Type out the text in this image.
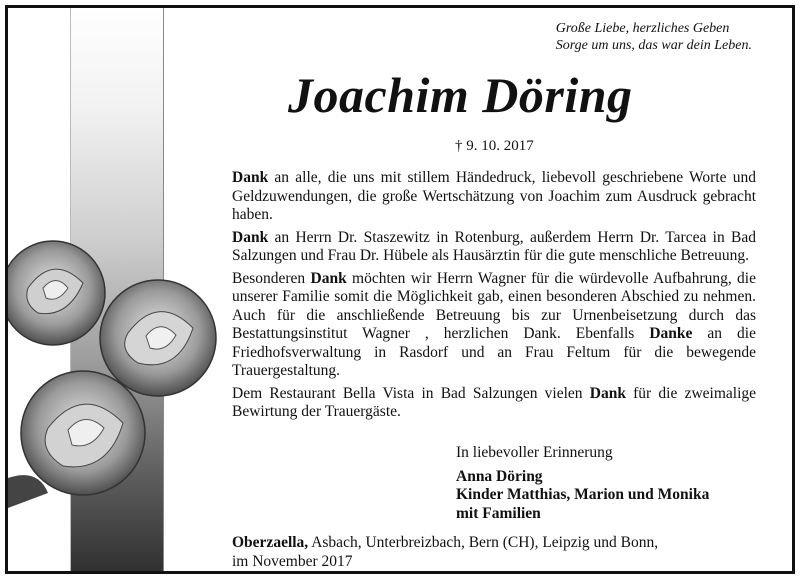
Große Liebe, herzliches Geben
Sorge um uns, das war dein Leben.
Joachim Döring
† 9. 10. 2017

Dank an alle, die uns mit stillem Händedruck, liebevoll geschriebene Worte und Geldzuwendungen, die große Wertschätzung von Joachim zum Ausdruck gebracht haben.

Dank an Herrn Dr. Staszewitz in Rotenburg, außerdem Herrn Dr. Tarcea in Bad Salzungen und Frau Dr. Hübele als Hausärztin für die gute menschliche Betreuung.

Besonderen Dank möchten wir Herrn Wagner für die würdevolle Aufbahrung, die unserer Familie somit die Möglichkeit gab, einen besonderen Abschied zu nehmen. Auch für die anschließende Betreuung bis zur Urnenbeisetzung durch das Bestattungsinstitut Wagner , herzlichen Dank. Ebenfalls Danke an die Friedhofsverwaltung in Rasdorf und an Frau Feltum für die bewegende Trauergestaltung.

Dem Restaurant Bella Vista in Bad Salzungen vielen Dank für die zweimalige Bewirtung der Trauergäste.

In liebevoller Erinnerung
Anna Döring
Kinder Matthias, Marion und Monika
mit Familien
Oberzaella, Asbach, Unterbreizbach, Bern (CH), Leipzig und Bonn,
im November 2017
